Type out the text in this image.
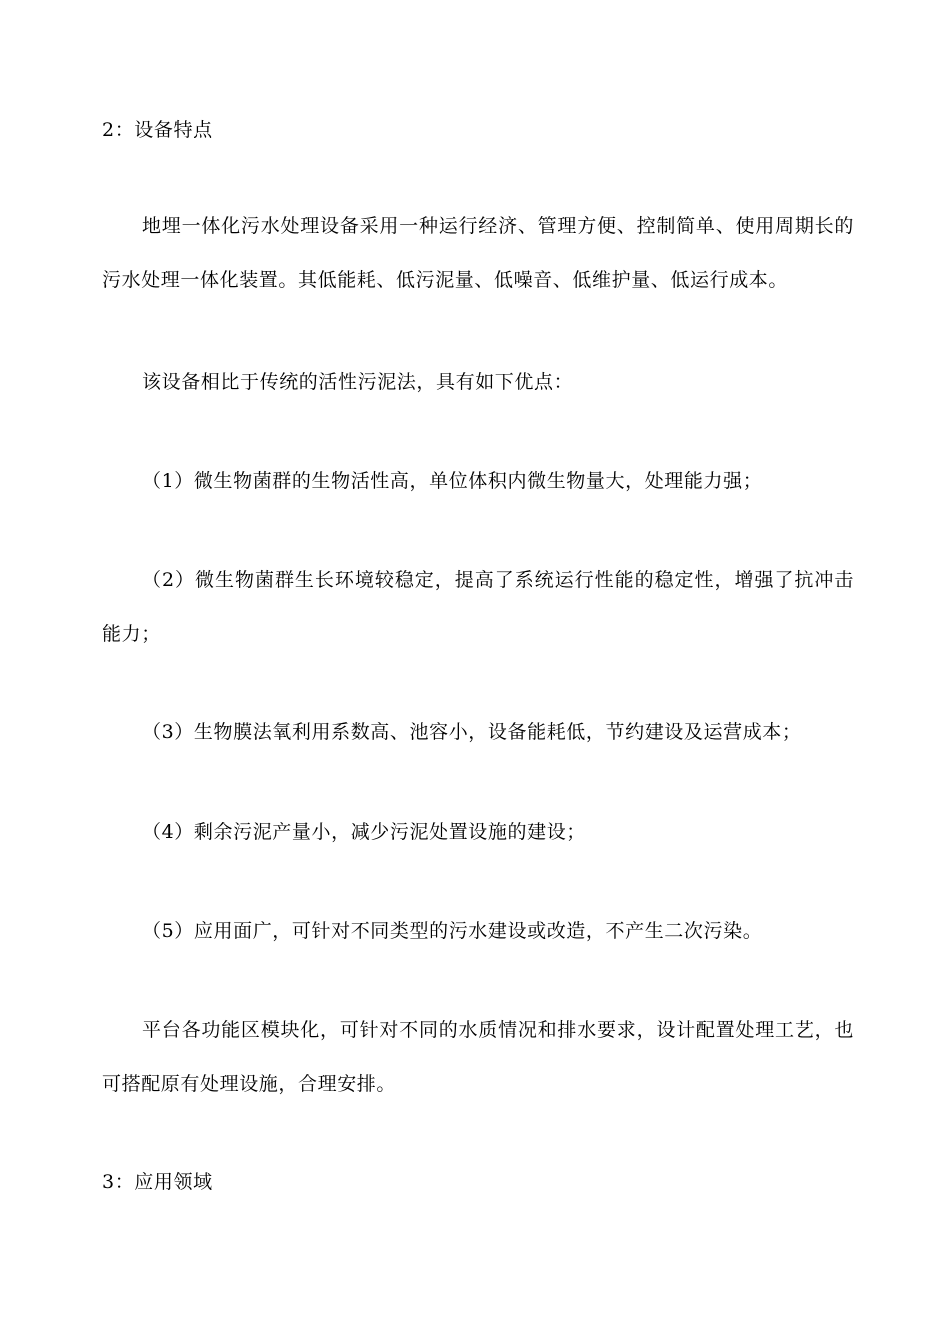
2：设备特点
地埋一体化污水处理设备采用一种运行经济、管理方便、控制简单、使用周期长的污水处理一体化装置。其低能耗、低污泥量、低噪音、低维护量、低运行成本。
该设备相比于传统的活性污泥法，具有如下优点：
（1）微生物菌群的生物活性高，单位体积内微生物量大，处理能力强；
（2）微生物菌群生长环境较稳定，提高了系统运行性能的稳定性，增强了抗冲击能力；
（3）生物膜法氧利用系数高、池容小，设备能耗低，节约建设及运营成本；
（4）剩余污泥产量小，减少污泥处置设施的建设；
（5）应用面广，可针对不同类型的污水建设或改造，不产生二次污染。
平台各功能区模块化，可针对不同的水质情况和排水要求，设计配置处理工艺，也可搭配原有处理设施，合理安排。
3：应用领域
